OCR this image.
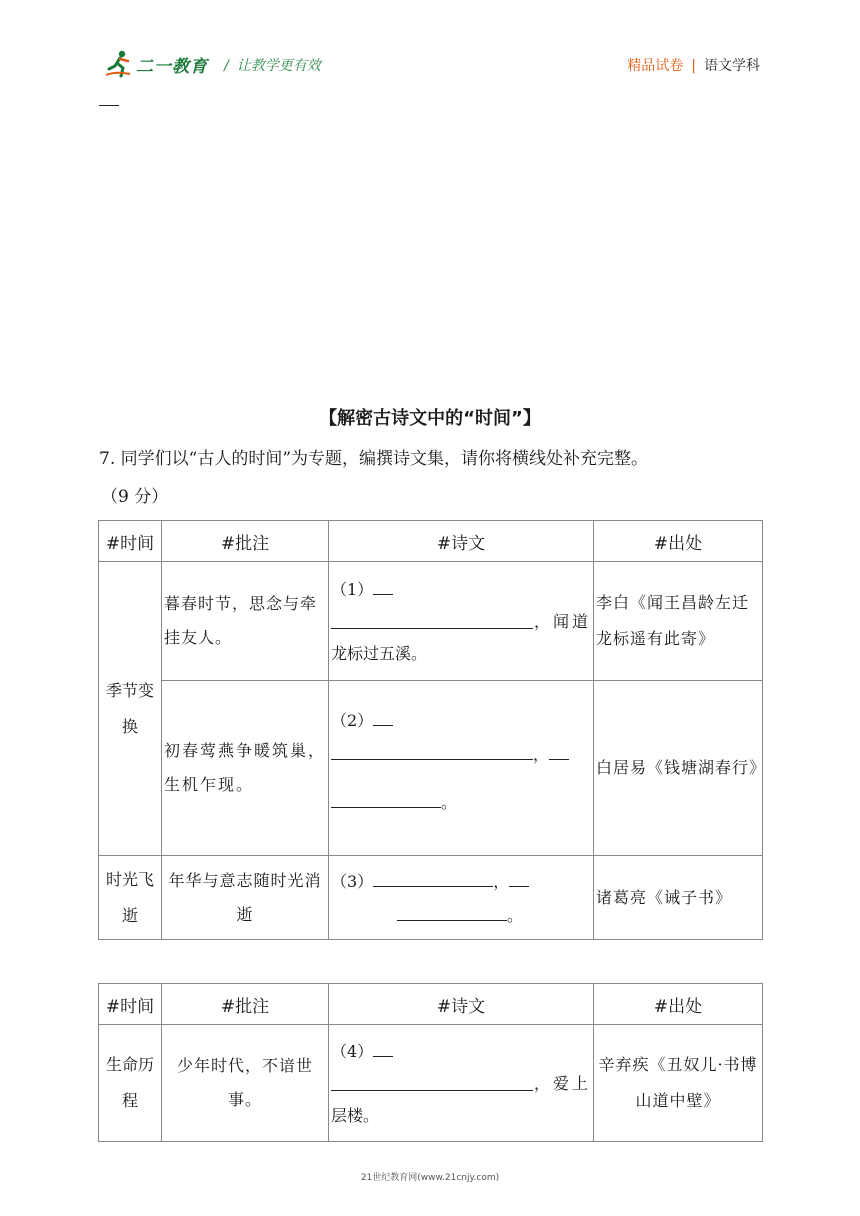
二一教育 / 让教学更有效	精品试卷 | 语文学科
【解密古诗文中的“时间”】
7. 同学们以“古人的时间”为专题，编撰诗文集，请你将横线处补充完整。
（9 分）
#时间	#批注	#诗文	#出处
季节变换	暮春时节，思念与牵挂友人。	（1）
，闻道
龙标过五溪。	李白《闻王昌龄左迁龙标遥有此寄》
	初春莺燕争暖筑巢，生机乍现。	（2）
，
。	白居易《钱塘湖春行》
时光飞逝	年华与意志随时光消逝	（3） ，
。	诸葛亮《诫子书》
#时间	#批注	#诗文	#出处
生命历程	少年时代，不谙世事。	（4）
，爱上
层楼。	辛弃疾《丑奴儿·书博山道中壁》
21世纪教育网(www.21cnjy.com)
